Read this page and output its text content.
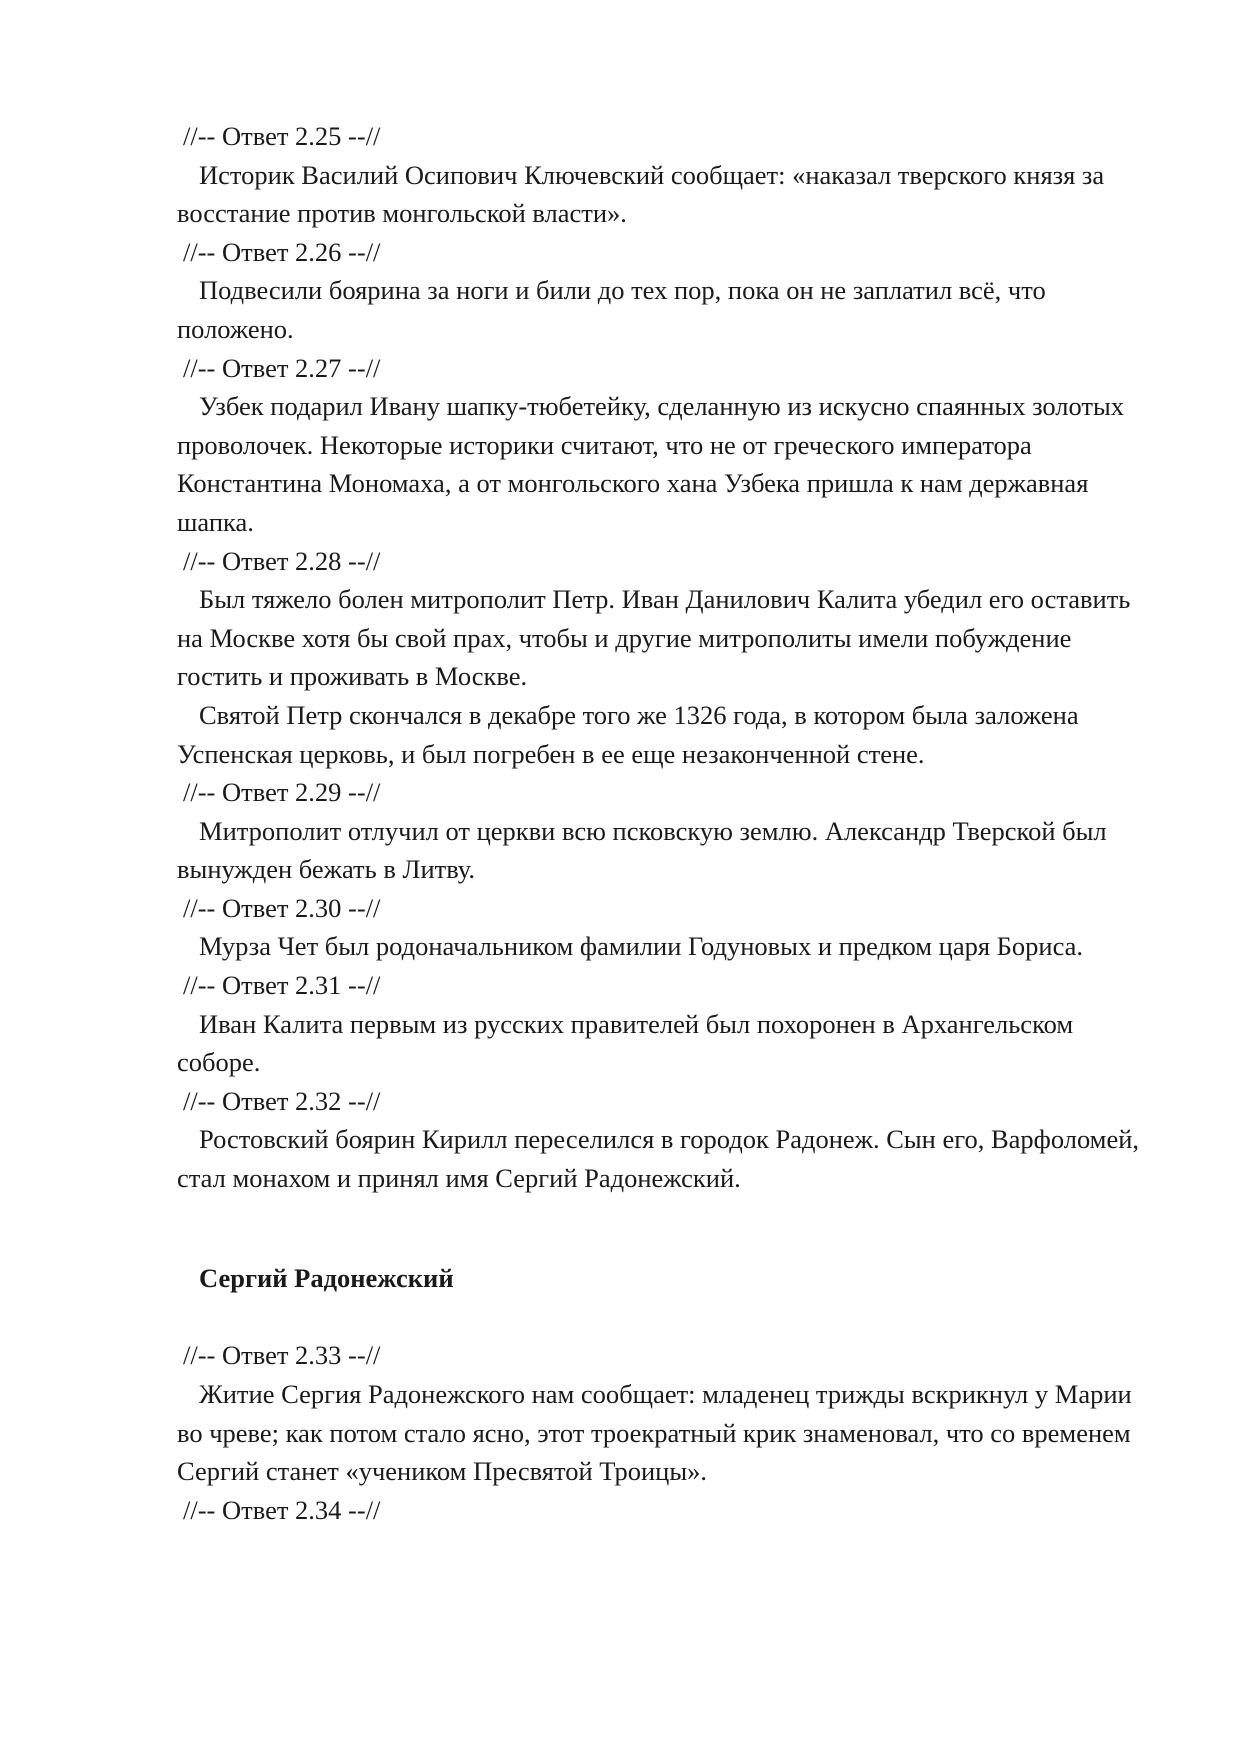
//-- Ответ 2.25 --//
Историк Василий Осипович Ключевский сообщает: «наказал тверского князя за восстание против монгольской власти».
//-- Ответ 2.26 --//
Подвесили боярина за ноги и били до тех пор, пока он не заплатил всё, что положено.
//-- Ответ 2.27 --//
Узбек подарил Ивану шапку-тюбетейку, сделанную из искусно спаянных золотых проволочек. Некоторые историки считают, что не от греческого императора Константина Мономаха, а от монгольского хана Узбека пришла к нам державная шапка.
//-- Ответ 2.28 --//
Был тяжело болен митрополит Петр. Иван Данилович Калита убедил его оставить на Москве хотя бы свой прах, чтобы и другие митрополиты имели побуждение гостить и проживать в Москве.
Святой Петр скончался в декабре того же 1326 года, в котором была заложена Успенская церковь, и был погребен в ее еще незаконченной стене.
//-- Ответ 2.29 --//
Митрополит отлучил от церкви всю псковскую землю. Александр Тверской был вынужден бежать в Литву.
//-- Ответ 2.30 --//
Мурза Чет был родоначальником фамилии Годуновых и предком царя Бориса.
//-- Ответ 2.31 --//
Иван Калита первым из русских правителей был похоронен в Архангельском соборе.
//-- Ответ 2.32 --//
Ростовский боярин Кирилл переселился в городок Радонеж. Сын его, Варфоломей, стал монахом и принял имя Сергий Радонежский.
Сергий Радонежский
//-- Ответ 2.33 --//
Житие Сергия Радонежского нам сообщает: младенец трижды вскрикнул у Марии во чреве; как потом стало ясно, этот троекратный крик знаменовал, что со временем Сергий станет «учеником Пресвятой Троицы».
//-- Ответ 2.34 --//
